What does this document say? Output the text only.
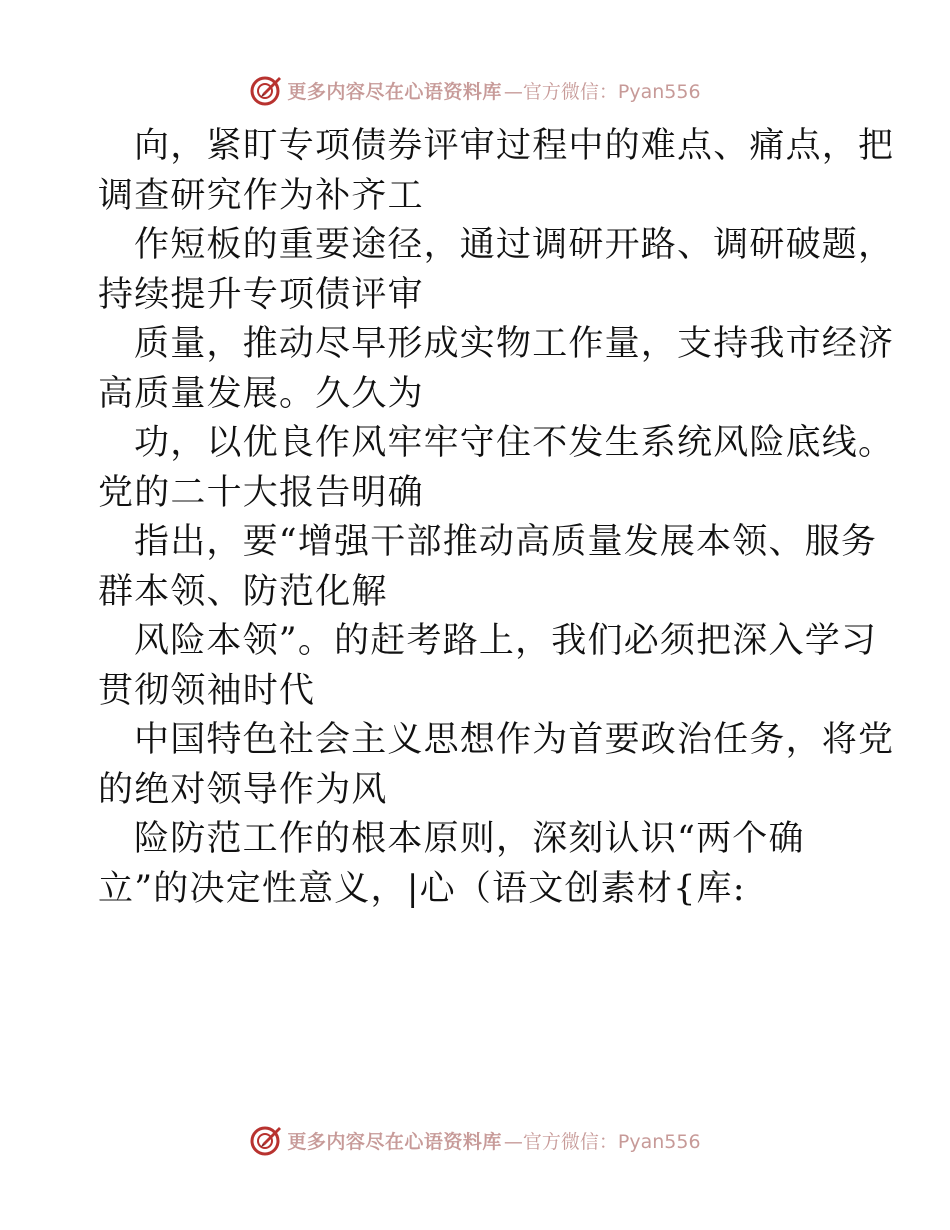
更多内容尽在心语资料库 —官方微信：Pyan556

向，紧盯专项债券评审过程中的难点、痛点，把

调查研究作为补齐工

作短板的重要途径，通过调研开路、调研破题，

持续提升专项债评审

质量，推动尽早形成实物工作量，支持我市经济

高质量发展。久久为

功，以优良作风牢牢守住不发生系统风险底线。

党的二十大报告明确

指出，要“增强干部推动高质量发展本领、服务

群本领、防范化解

风险本领”。的赶考路上，我们必须把深入学习

贯彻领袖时代

中国特色社会主义思想作为首要政治任务，将党

的绝对领导作为风

险防范工作的根本原则，深刻认识“两个确

立”的决定性意义，|心（语文创素材{库:

更多内容尽在心语资料库 —官方微信：Pyan556
